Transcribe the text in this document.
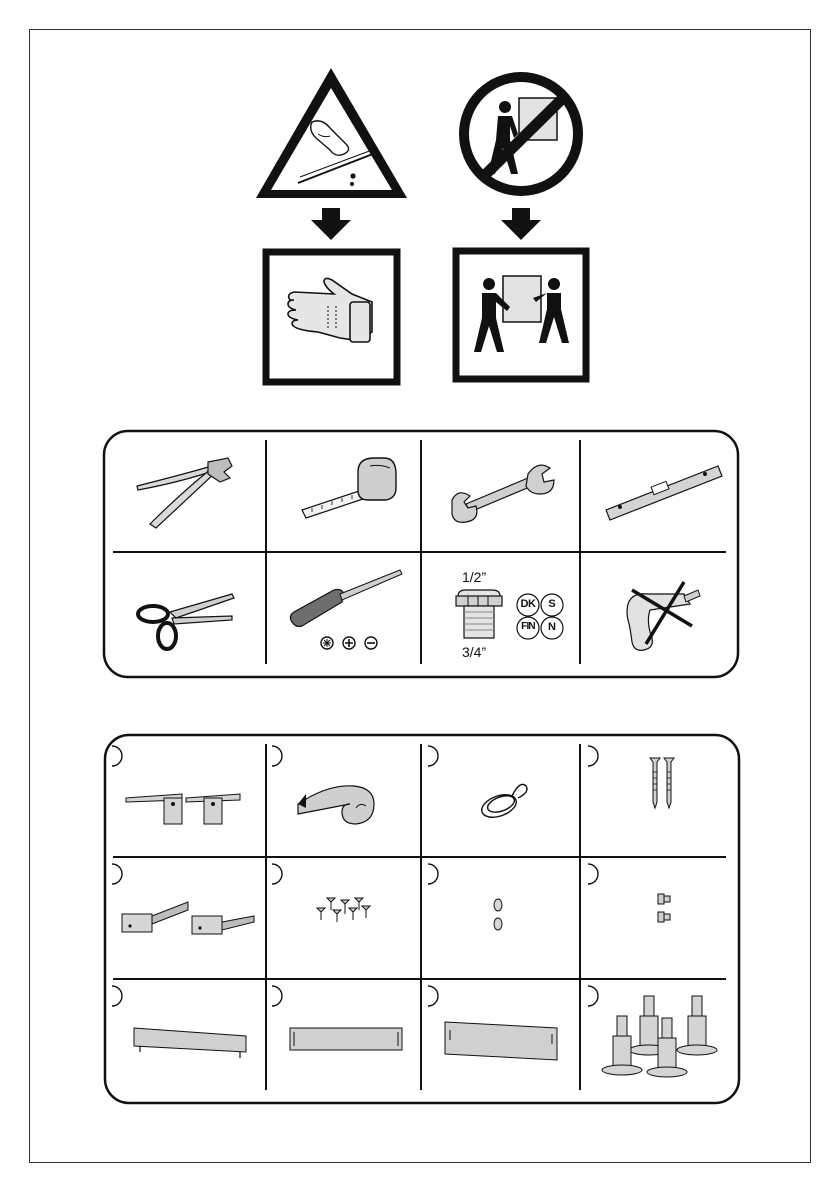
1/2”
3/4”
DK	S
FIN	N
